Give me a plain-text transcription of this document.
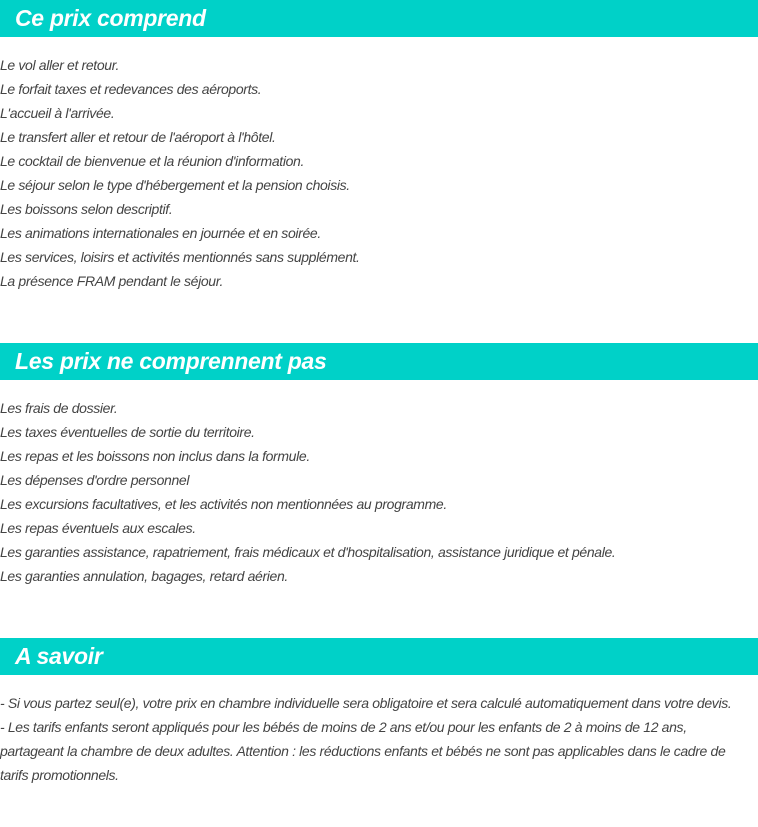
Ce prix comprend

Le vol aller et retour.

Le forfait taxes et redevances des aéroports.

L'accueil à l'arrivée.

Le transfert aller et retour de l'aéroport à l'hôtel.

Le cocktail de bienvenue et la réunion d'information.

Le séjour selon le type d'hébergement et la pension choisis.

Les boissons selon descriptif.

Les animations internationales en journée et en soirée.

Les services, loisirs et activités mentionnés sans supplément.

La présence FRAM pendant le séjour.

Les prix ne comprennent pas

Les frais de dossier.

Les taxes éventuelles de sortie du territoire.

Les repas et les boissons non inclus dans la formule.

Les dépenses d'ordre personnel

Les excursions facultatives, et les activités non mentionnées au programme.

Les repas éventuels aux escales.

Les garanties assistance, rapatriement, frais médicaux et d'hospitalisation, assistance juridique et pénale.

Les garanties annulation, bagages, retard aérien.

A savoir

- Si vous partez seul(e), votre prix en chambre individuelle sera obligatoire et sera calculé automatiquement dans votre devis.

- Les tarifs enfants seront appliqués pour les bébés de moins de 2 ans et/ou pour les enfants de 2 à moins de 12 ans, partageant la chambre de deux adultes. Attention : les réductions enfants et bébés ne sont pas applicables dans le cadre de tarifs promotionnels.
